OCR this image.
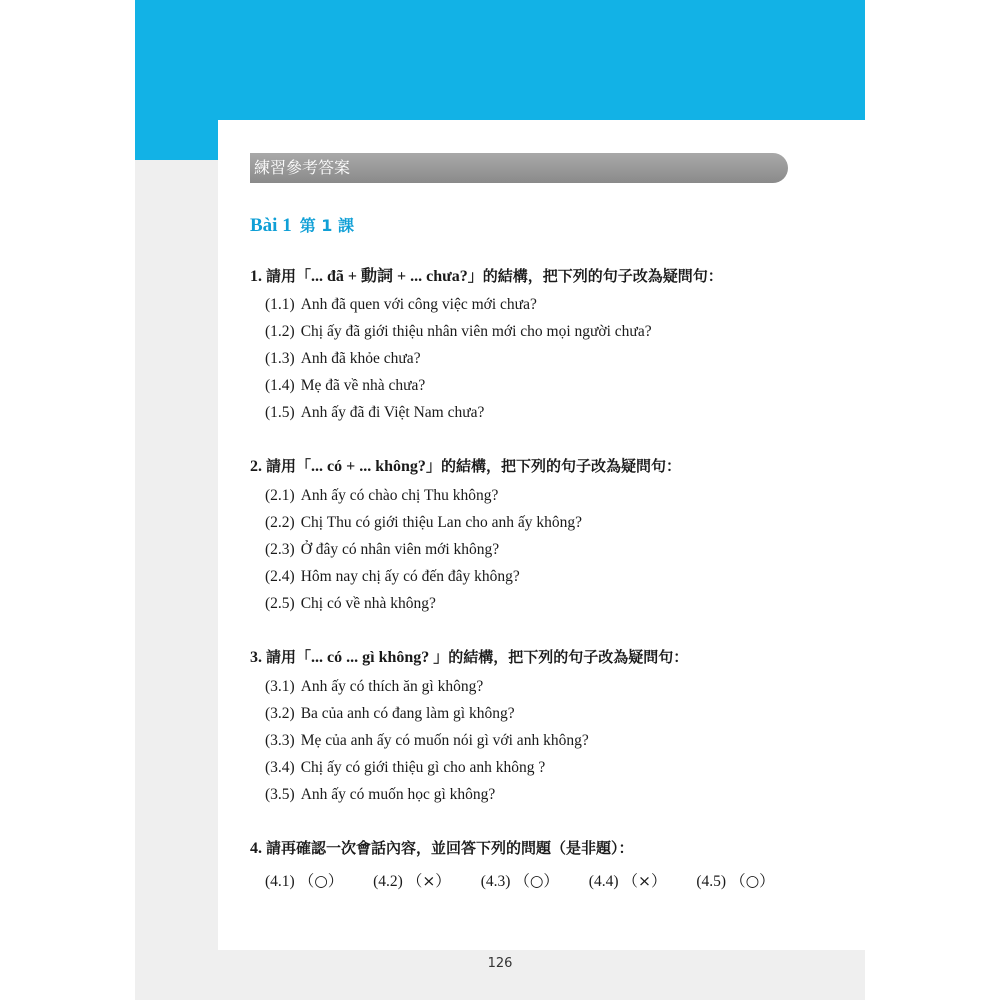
練習參考答案
Bài 1 第 1 課
1. 請用「... đã + 動詞 + ... chưa?」的結構，把下列的句子改為疑問句：
(1.1) Anh đã quen với công việc mới chưa?
(1.2) Chị ấy đã giới thiệu nhân viên mới cho mọi người chưa?
(1.3) Anh đã khỏe chưa?
(1.4) Mẹ đã về nhà chưa?
(1.5) Anh ấy đã đi Việt Nam chưa?
2. 請用「... có + ... không?」的結構，把下列的句子改為疑問句：
(2.1) Anh ấy có chào chị Thu không?
(2.2) Chị Thu có giới thiệu Lan cho anh ấy không?
(2.3) Ở đây có nhân viên mới không?
(2.4) Hôm nay chị ấy có đến đây không?
(2.5) Chị có về nhà không?
3. 請用「... có ... gì không? 」的結構，把下列的句子改為疑問句：
(3.1) Anh ấy có thích ăn gì không?
(3.2) Ba của anh có đang làm gì không?
(3.3) Mẹ của anh ấy có muốn nói gì với anh không?
(3.4) Chị ấy có giới thiệu gì cho anh không ?
(3.5) Anh ấy có muốn học gì không?
4. 請再確認一次會話內容，並回答下列的問題（是非題）：
(4.1) （○） (4.2) （×） (4.3) （○） (4.4) （×） (4.5) （○）
126
